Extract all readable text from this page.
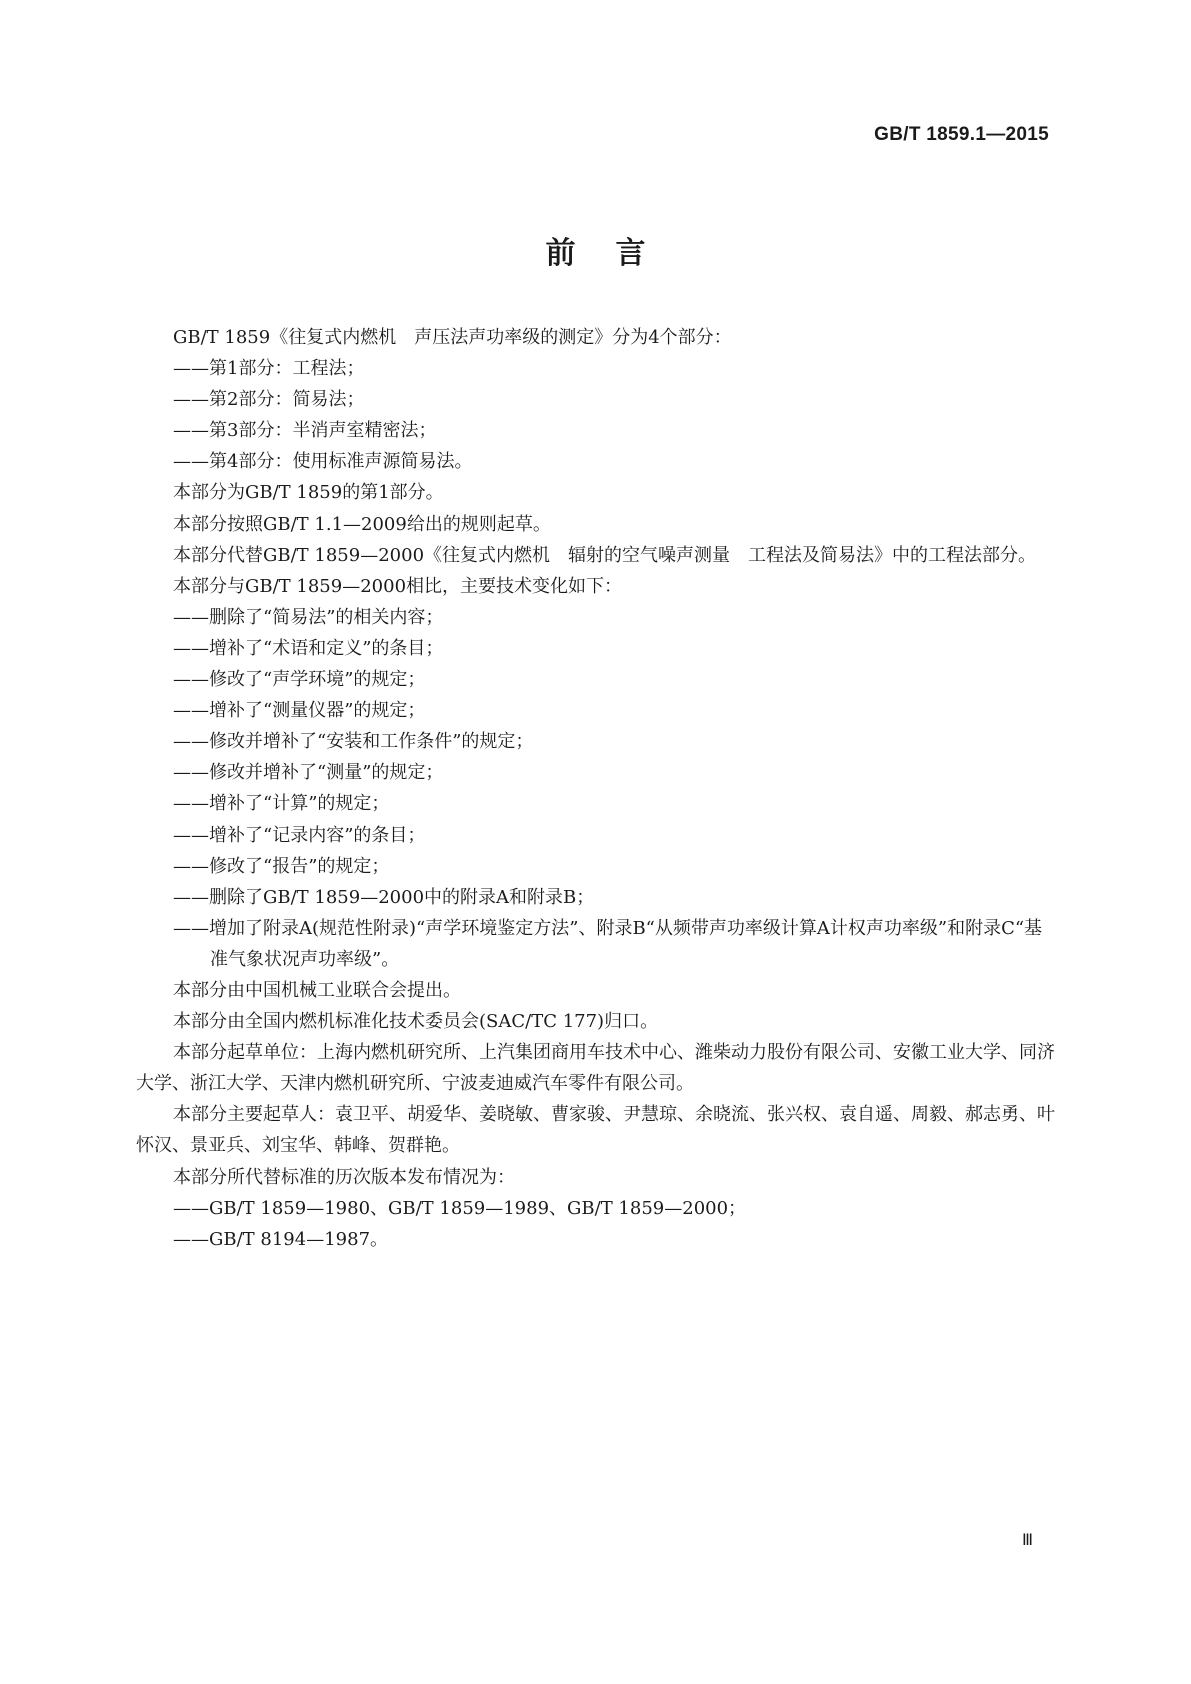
GB/T 1859.1—2015
前言

GB/T 1859《往复式内燃机　声压法声功率级的测定》分为4个部分：

——第1部分：工程法；

——第2部分：简易法；

——第3部分：半消声室精密法；

——第4部分：使用标准声源简易法。

本部分为GB/T 1859的第1部分。

本部分按照GB/T 1.1—2009给出的规则起草。

本部分代替GB/T 1859—2000《往复式内燃机　辐射的空气噪声测量　工程法及简易法》中的工程法部分。

本部分与GB/T 1859—2000相比，主要技术变化如下：

——删除了“简易法”的相关内容；

——增补了“术语和定义”的条目；

——修改了“声学环境”的规定；

——增补了“测量仪器”的规定；

——修改并增补了“安装和工作条件”的规定；

——修改并增补了“测量”的规定；

——增补了“计算”的规定；

——增补了“记录内容”的条目；

——修改了“报告”的规定；

——删除了GB/T 1859—2000中的附录A和附录B；

——增加了附录A(规范性附录)“声学环境鉴定方法”、附录B“从频带声功率级计算A计权声功率级”和附录C“基准气象状况声功率级”。

本部分由中国机械工业联合会提出。

本部分由全国内燃机标准化技术委员会(SAC/TC 177)归口。

本部分起草单位：上海内燃机研究所、上汽集团商用车技术中心、潍柴动力股份有限公司、安徽工业大学、同济大学、浙江大学、天津内燃机研究所、宁波麦迪威汽车零件有限公司。

本部分主要起草人：袁卫平、胡爱华、姜晓敏、曹家骏、尹慧琼、余晓流、张兴权、袁自遥、周毅、郝志勇、叶怀汉、景亚兵、刘宝华、韩峰、贺群艳。

本部分所代替标准的历次版本发布情况为：

——GB/T 1859—1980、GB/T 1859—1989、GB/T 1859—2000；

——GB/T 8194—1987。

Ⅲ
